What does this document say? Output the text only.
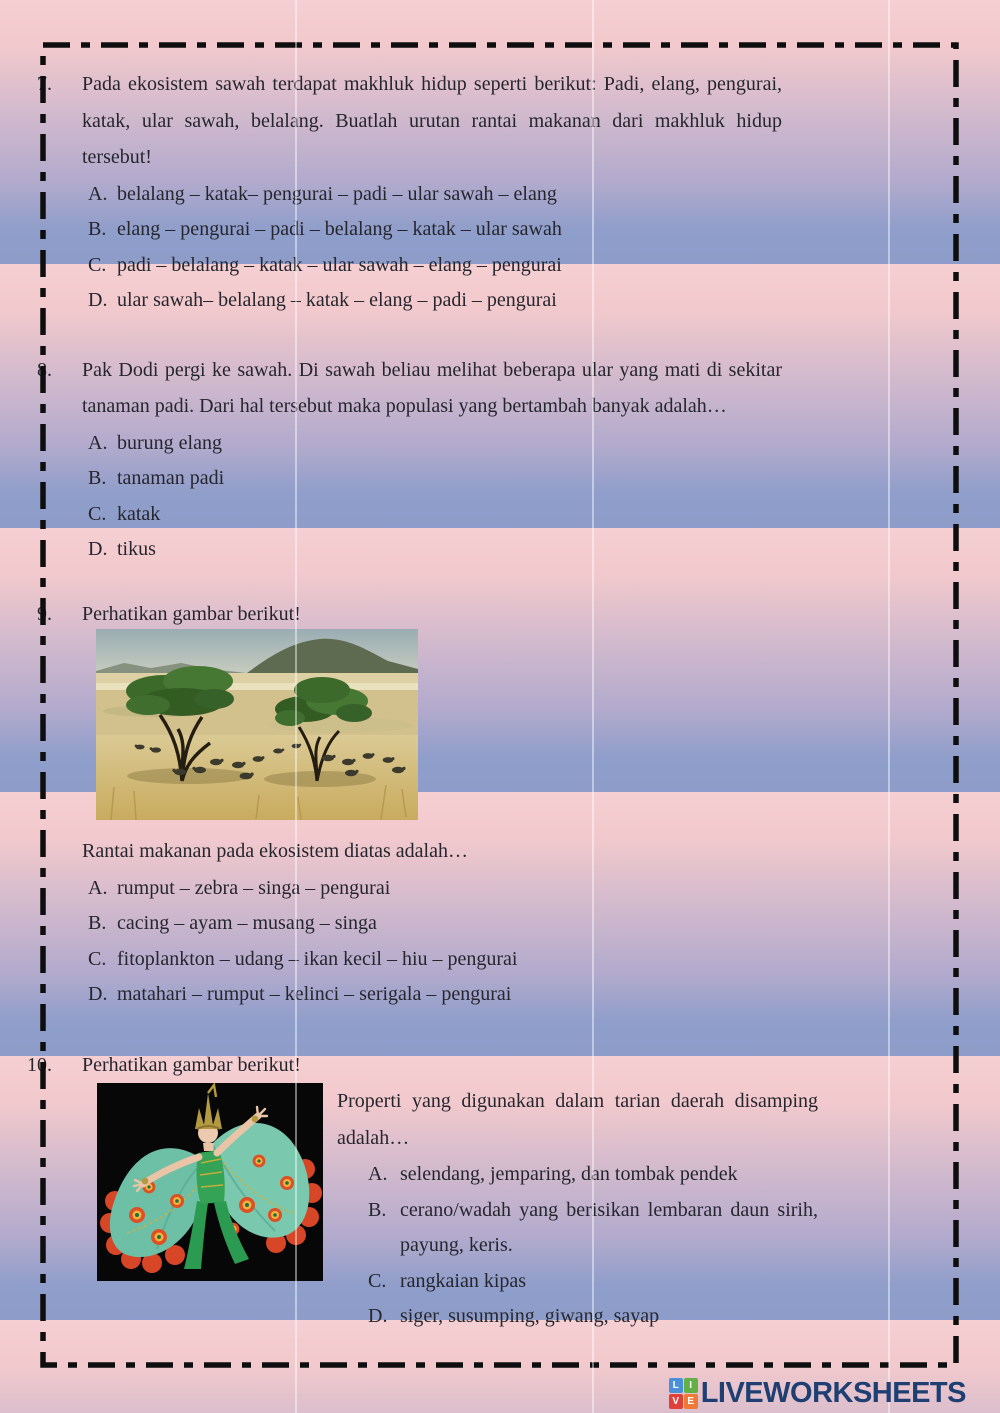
7. Pada ekosistem sawah terdapat makhluk hidup seperti berikut: Padi, elang, pengurai, katak, ular sawah, belalang. Buatlah urutan rantai makanan dari makhluk hidup tersebut!
A. belalang – katak– pengurai – padi – ular sawah – elang
B. elang – pengurai – padi – belalang – katak – ular sawah
C. padi – belalang – katak – ular sawah – elang – pengurai
D. ular sawah– belalang – katak – elang – padi – pengurai
8. Pak Dodi pergi ke sawah. Di sawah beliau melihat beberapa ular yang mati di sekitar tanaman padi. Dari hal tersebut maka populasi yang bertambah banyak adalah…
A. burung elang
B. tanaman padi
C. katak
D. tikus
9. Perhatikan gambar berikut!
Rantai makanan pada ekosistem diatas adalah…
A. rumput – zebra – singa – pengurai
B. cacing – ayam – musang – singa
C. fitoplankton – udang – ikan kecil – hiu – pengurai
D. matahari – rumput – kelinci – serigala – pengurai
10. Perhatikan gambar berikut!
Properti yang digunakan dalam tarian daerah disamping adalah…
A. selendang, jemparing, dan tombak pendek
B. cerano/wadah yang berisikan lembaran daun sirih, payung, keris.
C. rangkaian kipas
D. siger, susumping, giwang, sayap
L	I
V E LIVEWORKSHEETS
